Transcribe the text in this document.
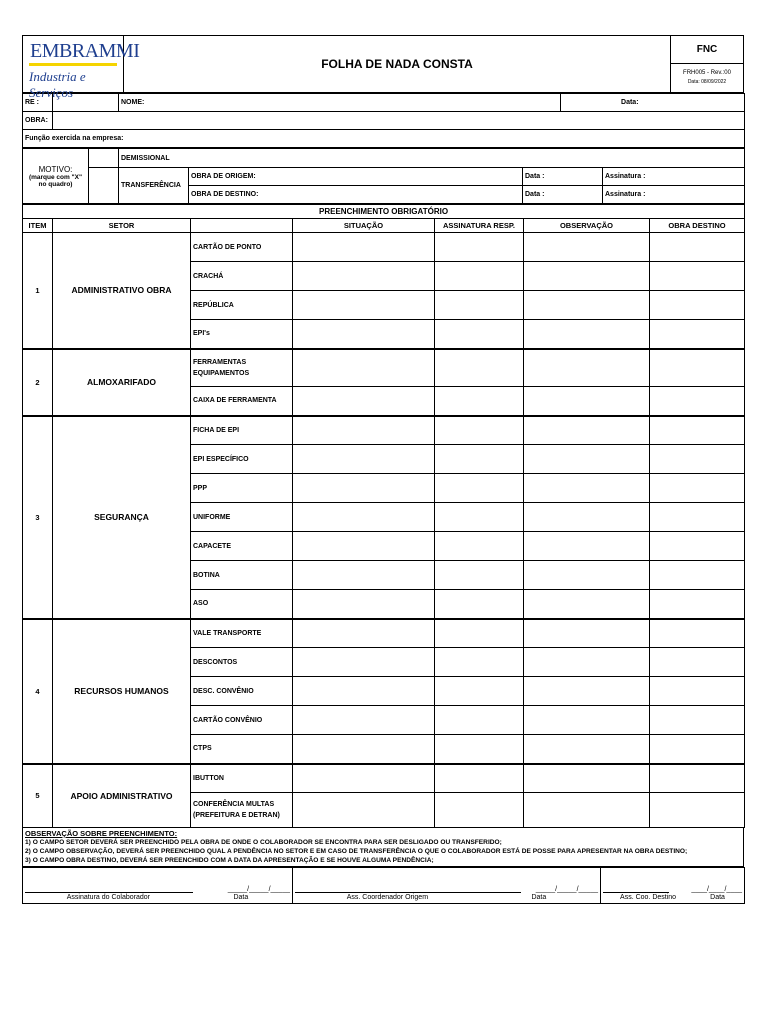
EMBRAMMI
Industria e Serviços
FOLHA DE NADA CONSTA
FNC
FRH005 - Rev.:00
Data: 08/09/2022
RE :		NOME:	Data:	
OBRA:				
Função exercida na empresa:				
MOTIVO:
(marque com "X" no quadro)		DEMISSIONAL			
		TRANSFERÊNCIA	OBRA DE ORIGEM:	Data :	Assinatura :
			OBRA DE DESTINO:	Data :	Assinatura :
PREENCHIMENTO OBRIGATÓRIO						
ITEM	SETOR		SITUAÇÃO	ASSINATURA RESP.	OBSERVAÇÃO	OBRA DESTINO
1	ADMINISTRATIVO OBRA	CARTÃO DE PONTO				
		CRACHÁ				
		REPÚBLICA				
		EPI's				
2	ALMOXARIFADO	FERRAMENTAS
EQUIPAMENTOS				
		CAIXA DE FERRAMENTA				
3	SEGURANÇA	FICHA DE EPI				
		EPI ESPECÍFICO				
		PPP				
		UNIFORME				
		CAPACETE				
		BOTINA				
		ASO				
4	RECURSOS HUMANOS	VALE TRANSPORTE				
		DESCONTOS				
		DESC. CONVÊNIO				
		CARTÃO CONVÊNIO				
		CTPS				
5	APOIO ADMINISTRATIVO	IBUTTON				
		CONFERÊNCIA MULTAS
(PREFEITURA E DETRAN)				
OBSERVAÇÃO SOBRE PREENCHIMENTO:
1) O CAMPO SETOR DEVERÁ SER PREENCHIDO PELA OBRA DE ONDE O COLABORADOR SE ENCONTRA PARA SER DESLIGADO OU TRANSFERIDO;
2) O CAMPO OBSERVAÇÃO, DEVERÁ SER PREENCHIDO QUAL A PENDÊNCIA NO SETOR E EM CASO DE TRANSFERÊNCIA O QUE O COLABORADOR ESTÁ DE POSSE PARA APRESENTAR NA OBRA DESTINO;
3) O CAMPO OBRA DESTINO, DEVERÁ SER PREENCHIDO COM A DATA DA APRESENTAÇÃO E SE HOUVE ALGUMA PENDÊNCIA;
_____/_____/_____
Assinatura do Colaborador	Data

_____/_____/_____
Ass. Coordenador Origem	Data

____/____/____
Ass. Coo. Destino	Data
